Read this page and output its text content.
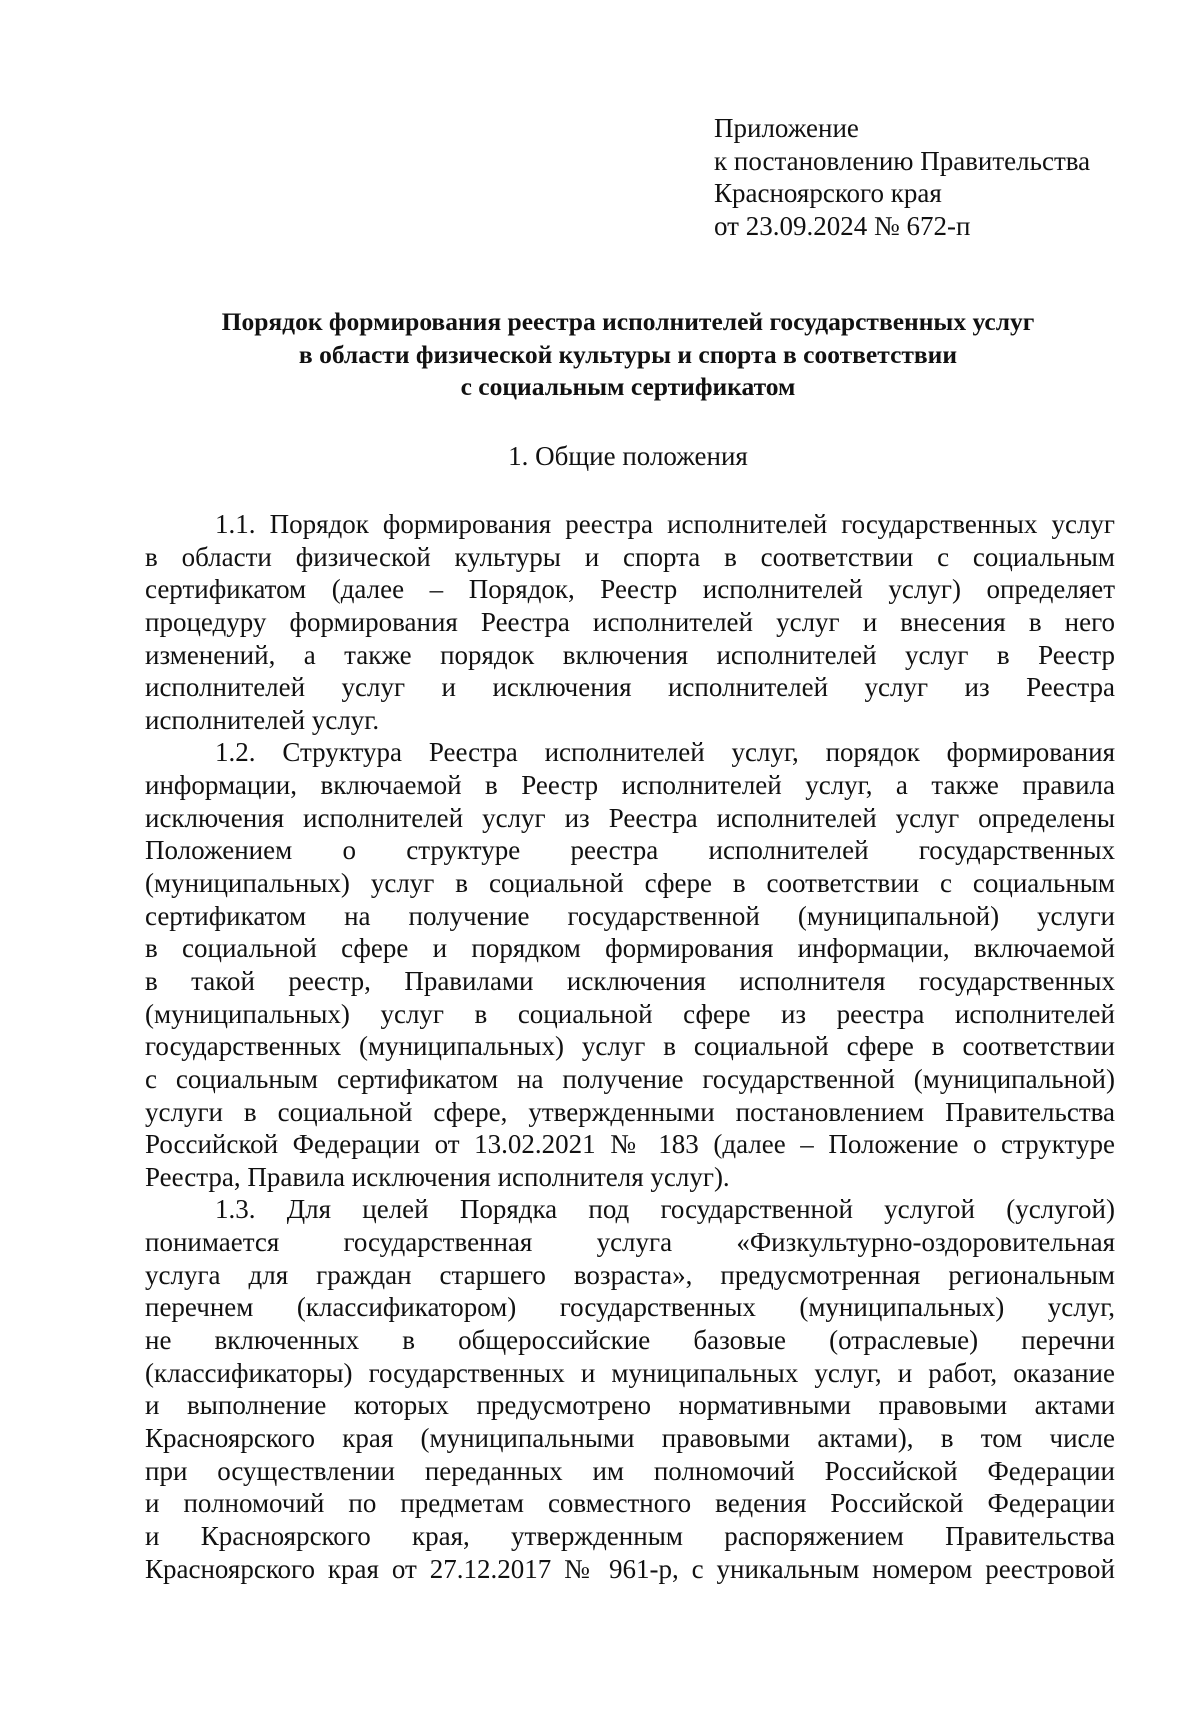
Приложение
к постановлению Правительства
Красноярского края
от 23.09.2024 № 672-п
Порядок формирования реестра исполнителей государственных услуг
в области физической культуры и спорта в соответствии
с социальным сертификатом
1. Общие положения
1.1. Порядок формирования реестра исполнителей государственных услуг
в области физической культуры и спорта в соответствии с социальным
сертификатом (далее – Порядок, Реестр исполнителей услуг) определяет
процедуру формирования Реестра исполнителей услуг и внесения в него
изменений, а также порядок включения исполнителей услуг в Реестр
исполнителей услуг и исключения исполнителей услуг из Реестра
исполнителей услуг.
1.2. Структура Реестра исполнителей услуг, порядок формирования
информации, включаемой в Реестр исполнителей услуг, а также правила
исключения исполнителей услуг из Реестра исполнителей услуг определены
Положением о структуре реестра исполнителей государственных
(муниципальных) услуг в социальной сфере в соответствии с социальным
сертификатом на получение государственной (муниципальной) услуги
в социальной сфере и порядком формирования информации, включаемой
в такой реестр, Правилами исключения исполнителя государственных
(муниципальных) услуг в социальной сфере из реестра исполнителей
государственных (муниципальных) услуг в социальной сфере в соответствии
с социальным сертификатом на получение государственной (муниципальной)
услуги в социальной сфере, утвержденными постановлением Правительства
Российской Федерации от 13.02.2021 № 183 (далее – Положение о структуре
Реестра, Правила исключения исполнителя услуг).
1.3. Для целей Порядка под государственной услугой (услугой)
понимается государственная услуга «Физкультурно-оздоровительная
услуга для граждан старшего возраста», предусмотренная региональным
перечнем (классификатором) государственных (муниципальных) услуг,
не включенных в общероссийские базовые (отраслевые) перечни
(классификаторы) государственных и муниципальных услуг, и работ, оказание
и выполнение которых предусмотрено нормативными правовыми актами
Красноярского края (муниципальными правовыми актами), в том числе
при осуществлении переданных им полномочий Российской Федерации
и полномочий по предметам совместного ведения Российской Федерации
и Красноярского края, утвержденным распоряжением Правительства
Красноярского края от 27.12.2017 № 961-р, с уникальным номером реестровой
